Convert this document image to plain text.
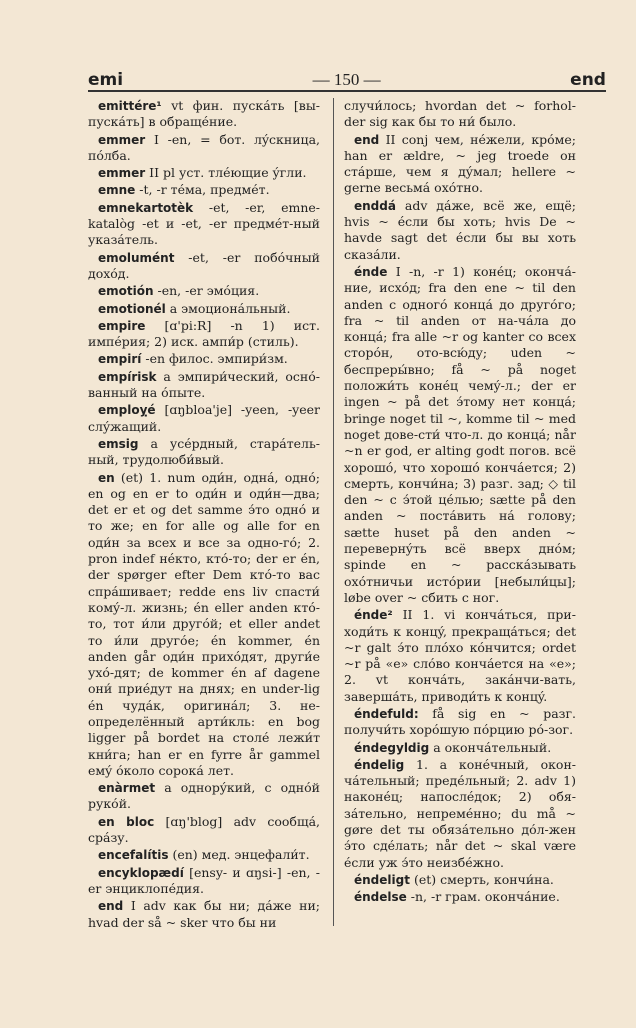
emi	— 150 —	end

emittére¹ vt фин. пускáть [вы-пускáть] в обращéние.

emmer I -en, = бот. лýскница, пóлба.

emmer II pl уст. тлéющие ýгли.

emne -t, -r тéма, предмéт.

emnekartotèk -et, -er, emne-katalòg -et и -et, -er предмéт-ный указáтель.

emolumént -et, -er побóчный дохóд.

emotión -en, -er эмóция.

emotionél a эмоционáльный.

empire [ɑ'pi:R] -n 1) ист. импéрия; 2) иск. ампи́р (стиль).

empirí -en филос. эмпири́зм.

empírisk a эмпири́ческий, оснó-ванный на óпыте.

emploỵé [ɑŋbloa'je] -yeen, -yeer слýжащий.

emsig a усéрдный, старáтель-ный, трудолюби́вый.

en (et) 1. num оди́н, однá, однó; en og en er to оди́н и оди́н—два; det er et og det samme э́то однó и то же; en for alle og alle for en оди́н за всех и все за одно-гó; 2. pron indef нéкто, ктó-то; der er én, der spørger efter Dem ктó-то вас спрáшивает; redde ens liv спасти́ комý-л. жизнь; én eller anden ктó-то, тот и́ли другóй; et eller andet то и́ли другóе; én kommer, én anden går оди́н прихóдят, други́е ухó-дят; de kommer én af dagene они́ приéдут на днях; en under-lig én чудáк, оригинáл; 3. не-определённый арти́кль: en bog ligger på bordet на столé лежи́т кни́га; han er en fyrre år gammel емý óколо сорокá лет.

enàrmet a однорýкий, с однóй рукóй.

en bloc [ɑŋ'blog] adv сообщá, срáзу.

encefalítis (en) мед. энцефали́т.

encyklopædí [ensy- и ɑŋsi-] -en, -er энциклопéдия.

end I adv как бы ни; дáже ни; hvad der så ~ sker что бы ни

случи́лось; hvordan det ~ forhol-der sig как бы то ни́ было.

end II conj чем, нéжели, крóме; han er ældre, ~ jeg troede он стáрше, чем я дýмал; hellere ~ gerne весьмá охóтно.

enddá adv дáже, всё же, ещё; hvis ~ éсли бы хоть; hvis De ~ havde sagt det éсли бы вы хоть сказáли.

énde I -n, -r 1) конéц; окончá-ние, исхóд; fra den ene ~ til den anden с одногó концá до другóго; fra ~ til anden от на-чáла до концá; fra alle ~r og kanter со всех сторóн, ото-всю́ду; uden ~ беспреры́вно; få ~ på noget положи́ть конéц чемý-л.; der er ingen ~ på det э́тому нет концá; bringe noget til ~, komme til ~ med noget дове-сти́ что-л. до концá; når ~n er god, er alting godt погов. всё хорошó, что хорошó кончáется; 2) смерть, кончи́на; 3) разг. зад; ◇ til den ~ с э́той цéлью; sætte på den anden ~ постáвить нá голову; sætte huset på den anden ~ перевернýть всё вверх днóм; spinde en ~ расскáзывать охóтничьи истóрии [небыли́цы]; løbe over ~ сбить с ног.

énde² II 1. vi кончáться, при-ходи́ть к концý, прекращáться; det ~r galt э́то плóхо кóнчится; ordet ~r på «e» слóво кончáется на «e»; 2. vt кончáть, закáнчи-вать, завершáть, приводи́ть к концý.

éndefuld: få sig en ~ разг. получи́ть хорóшую пóрцию рó-зог.

éndegyldig a окончáтельный.

éndelig 1. a конéчный, окон-чáтельный; предéльный; 2. adv 1) наконéц; напослéдок; 2) обя-зáтельно, непремéнно; du må ~ gøre det ты обязáтельно дóл-жен э́то сдéлать; når det ~ skal være éсли уж э́то неизбéжно.

éndeligt (et) смерть, кончи́на.

éndelse -n, -r грам. окончáние.
